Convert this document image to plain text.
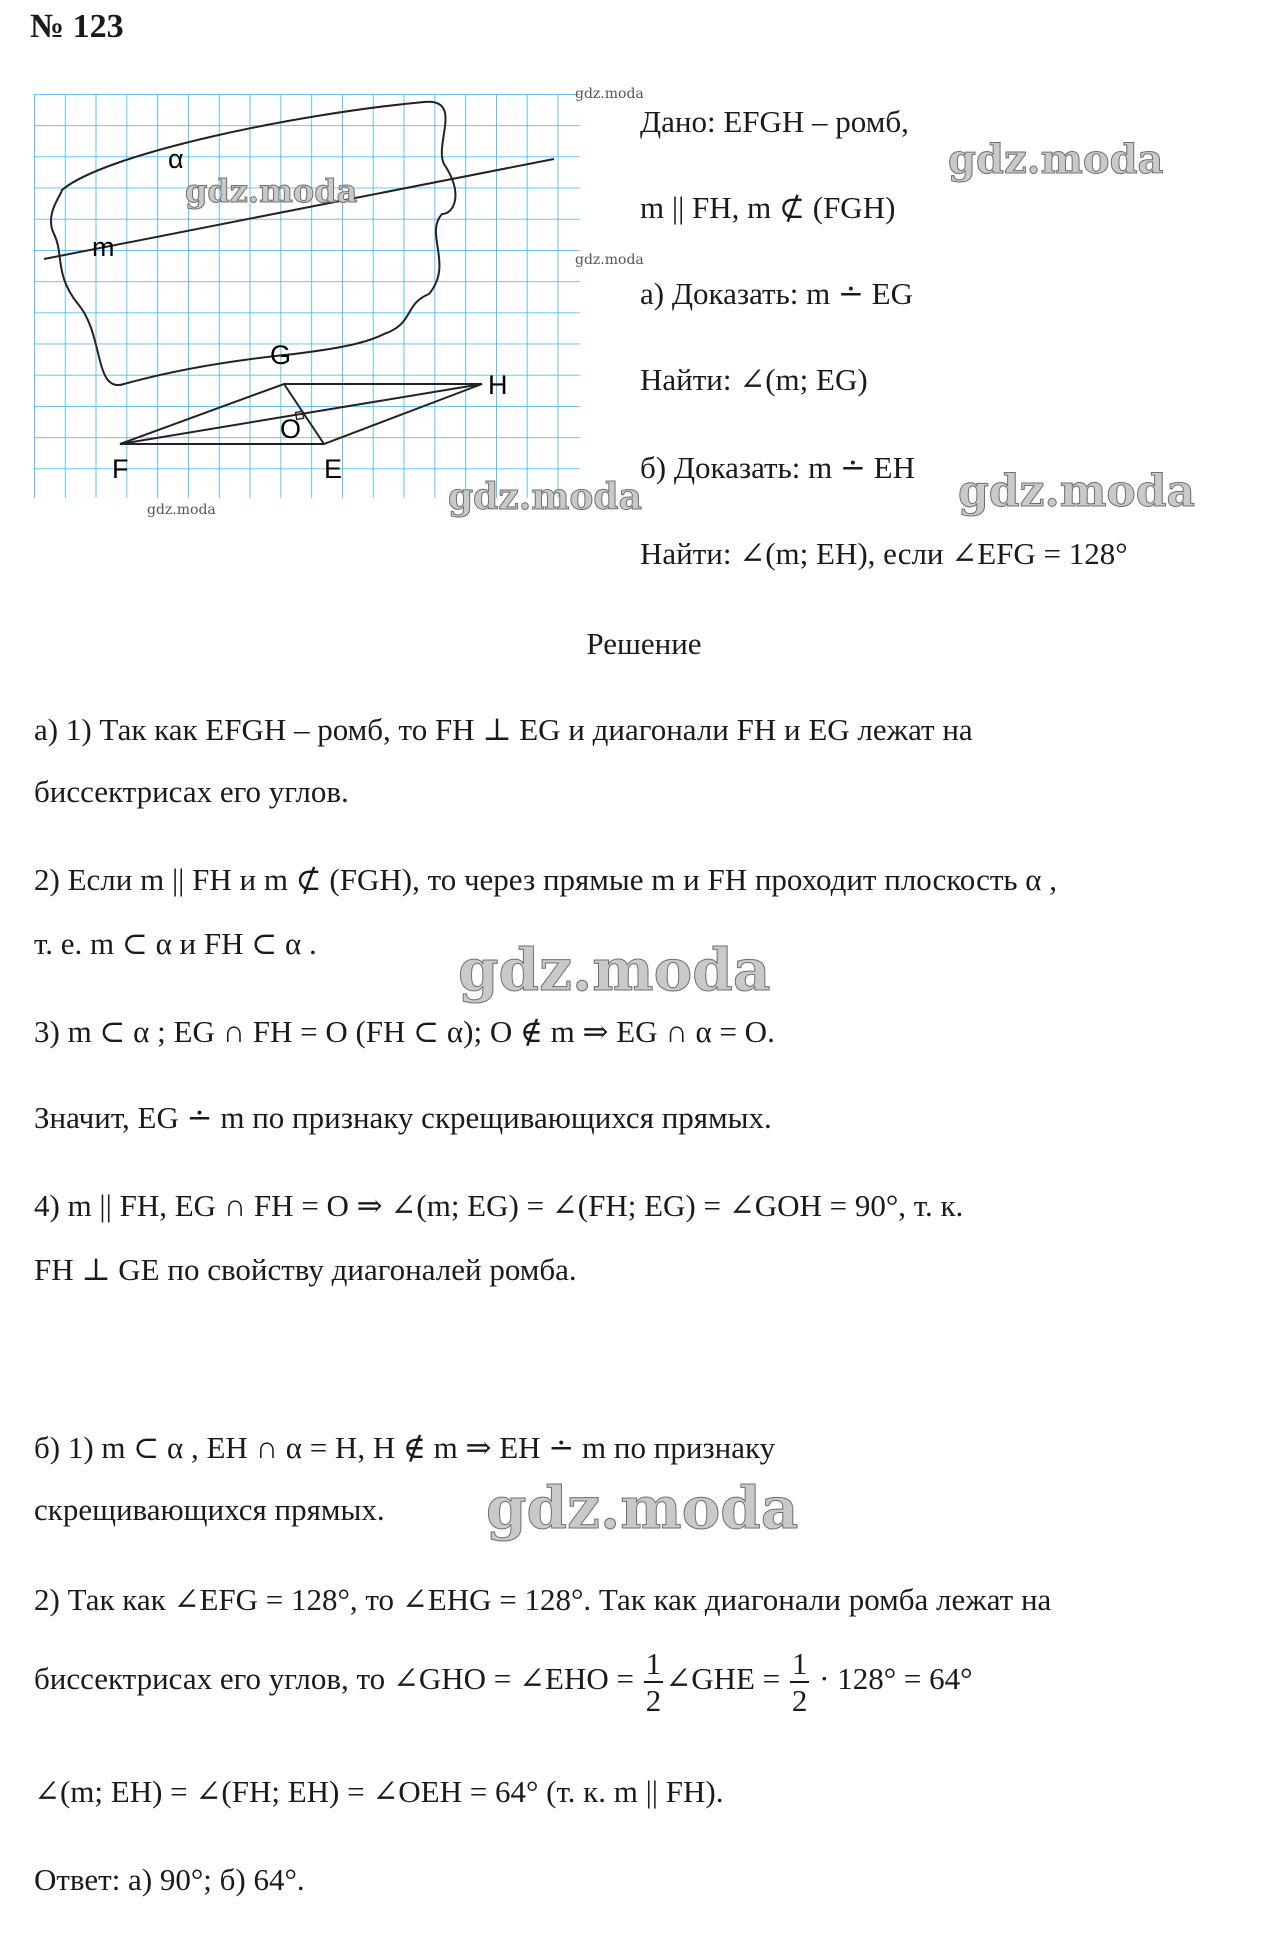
№ 123
α
m
G
H
O
F	E
gdz.moda
gdz.moda
gdz.moda
gdz.moda
gdz.moda
gdz.moda	gdz.moda
gdz.moda
gdz.moda
Дано: EFGH – ромб,
m || FH, m ⊄ (FGH)
а) Доказать: m ∸ EG
Найти: ∠(m; EG)
б) Доказать: m ∸ EH
Найти: ∠(m; EH), если ∠EFG = 128°
Решение
а) 1) Так как EFGH – ромб, то FH ⊥ EG и диагонали FH и EG лежат на
биссектрисах его углов.
2) Если m || FH и m ⊄ (FGH), то через прямые m и FH проходит плоскость α ,
т. е. m ⊂ α и FH ⊂ α .
3) m ⊂ α ; EG ∩ FH = O (FH ⊂ α); O ∉ m ⇒ EG ∩ α = O.
Значит, EG ∸ m по признаку скрещивающихся прямых.
4) m || FH, EG ∩ FH = O ⇒ ∠(m; EG) = ∠(FH; EG) = ∠GOH = 90°, т. к.
FH ⊥ GE по свойству диагоналей ромба.
б) 1) m ⊂ α , EH ∩ α = H, H ∉ m ⇒ EH ∸ m по признаку
скрещивающихся прямых.
2) Так как ∠EFG = 128°, то ∠EHG = 128°. Так как диагонали ромба лежат на
биссектрисах его углов, то ∠GHO = ∠EHO = $\frac{1}{2}$ ∠GHE = $\frac{1}{2} \cdot 128^\circ = 64^\circ$
∠(m; EH) = ∠(FH; EH) = ∠OEH = 64° (т. к. m || FH).
Ответ: а) 90°; б) 64°.
